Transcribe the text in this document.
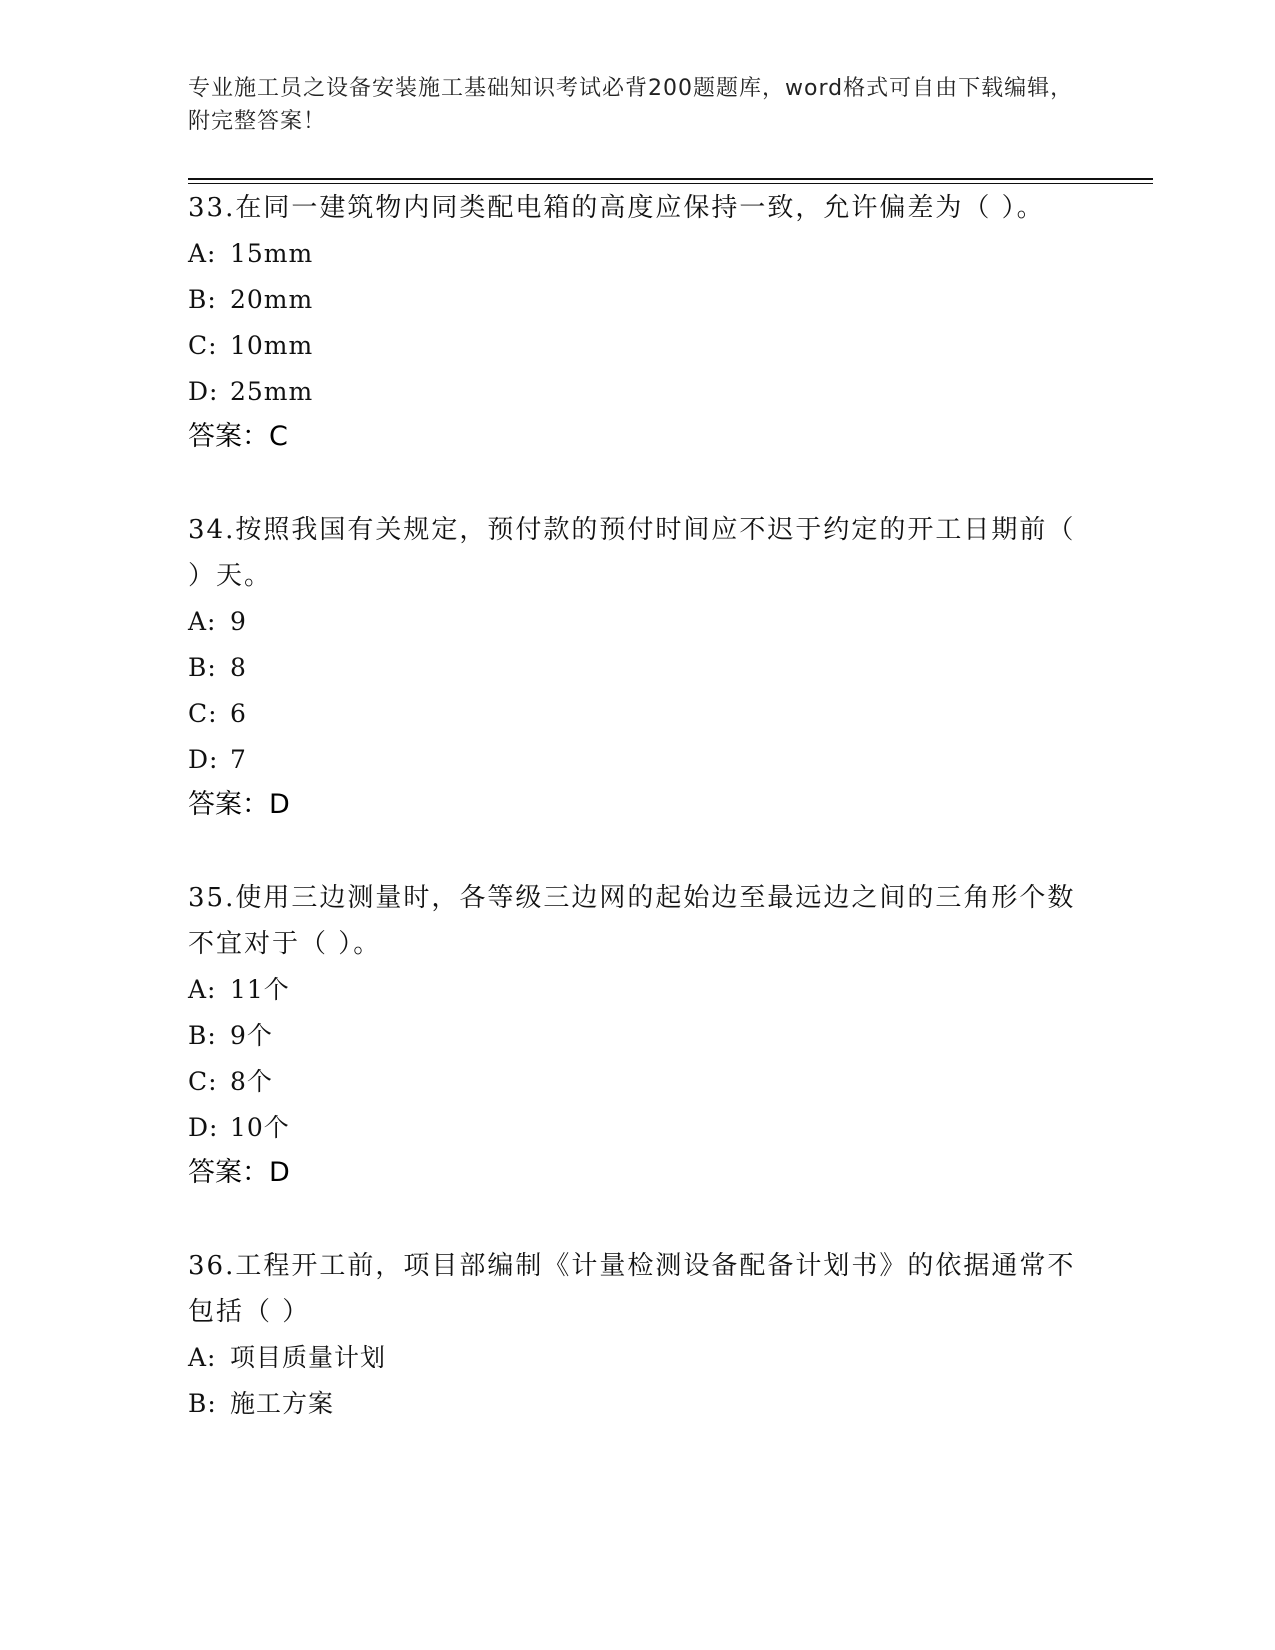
专业施工员之设备安装施工基础知识考试必背200题题库，word格式可自由下载编辑，附完整答案！

33.在同一建筑物内同类配电箱的高度应保持一致，允许偏差为（ ）。

A: 15mm
B: 20mm
C: 10mm
D: 25mm
答案：C

34.按照我国有关规定，预付款的预付时间应不迟于约定的开工日期前（ ）天。

A: 9
B: 8
C: 6
D: 7
答案：D

35.使用三边测量时，各等级三边网的起始边至最远边之间的三角形个数不宜对于（ ）。

A: 11个
B: 9个
C: 8个
D: 10个
答案：D

36.工程开工前，项目部编制《计量检测设备配备计划书》的依据通常不包括（ ）

A: 项目质量计划
B: 施工方案
